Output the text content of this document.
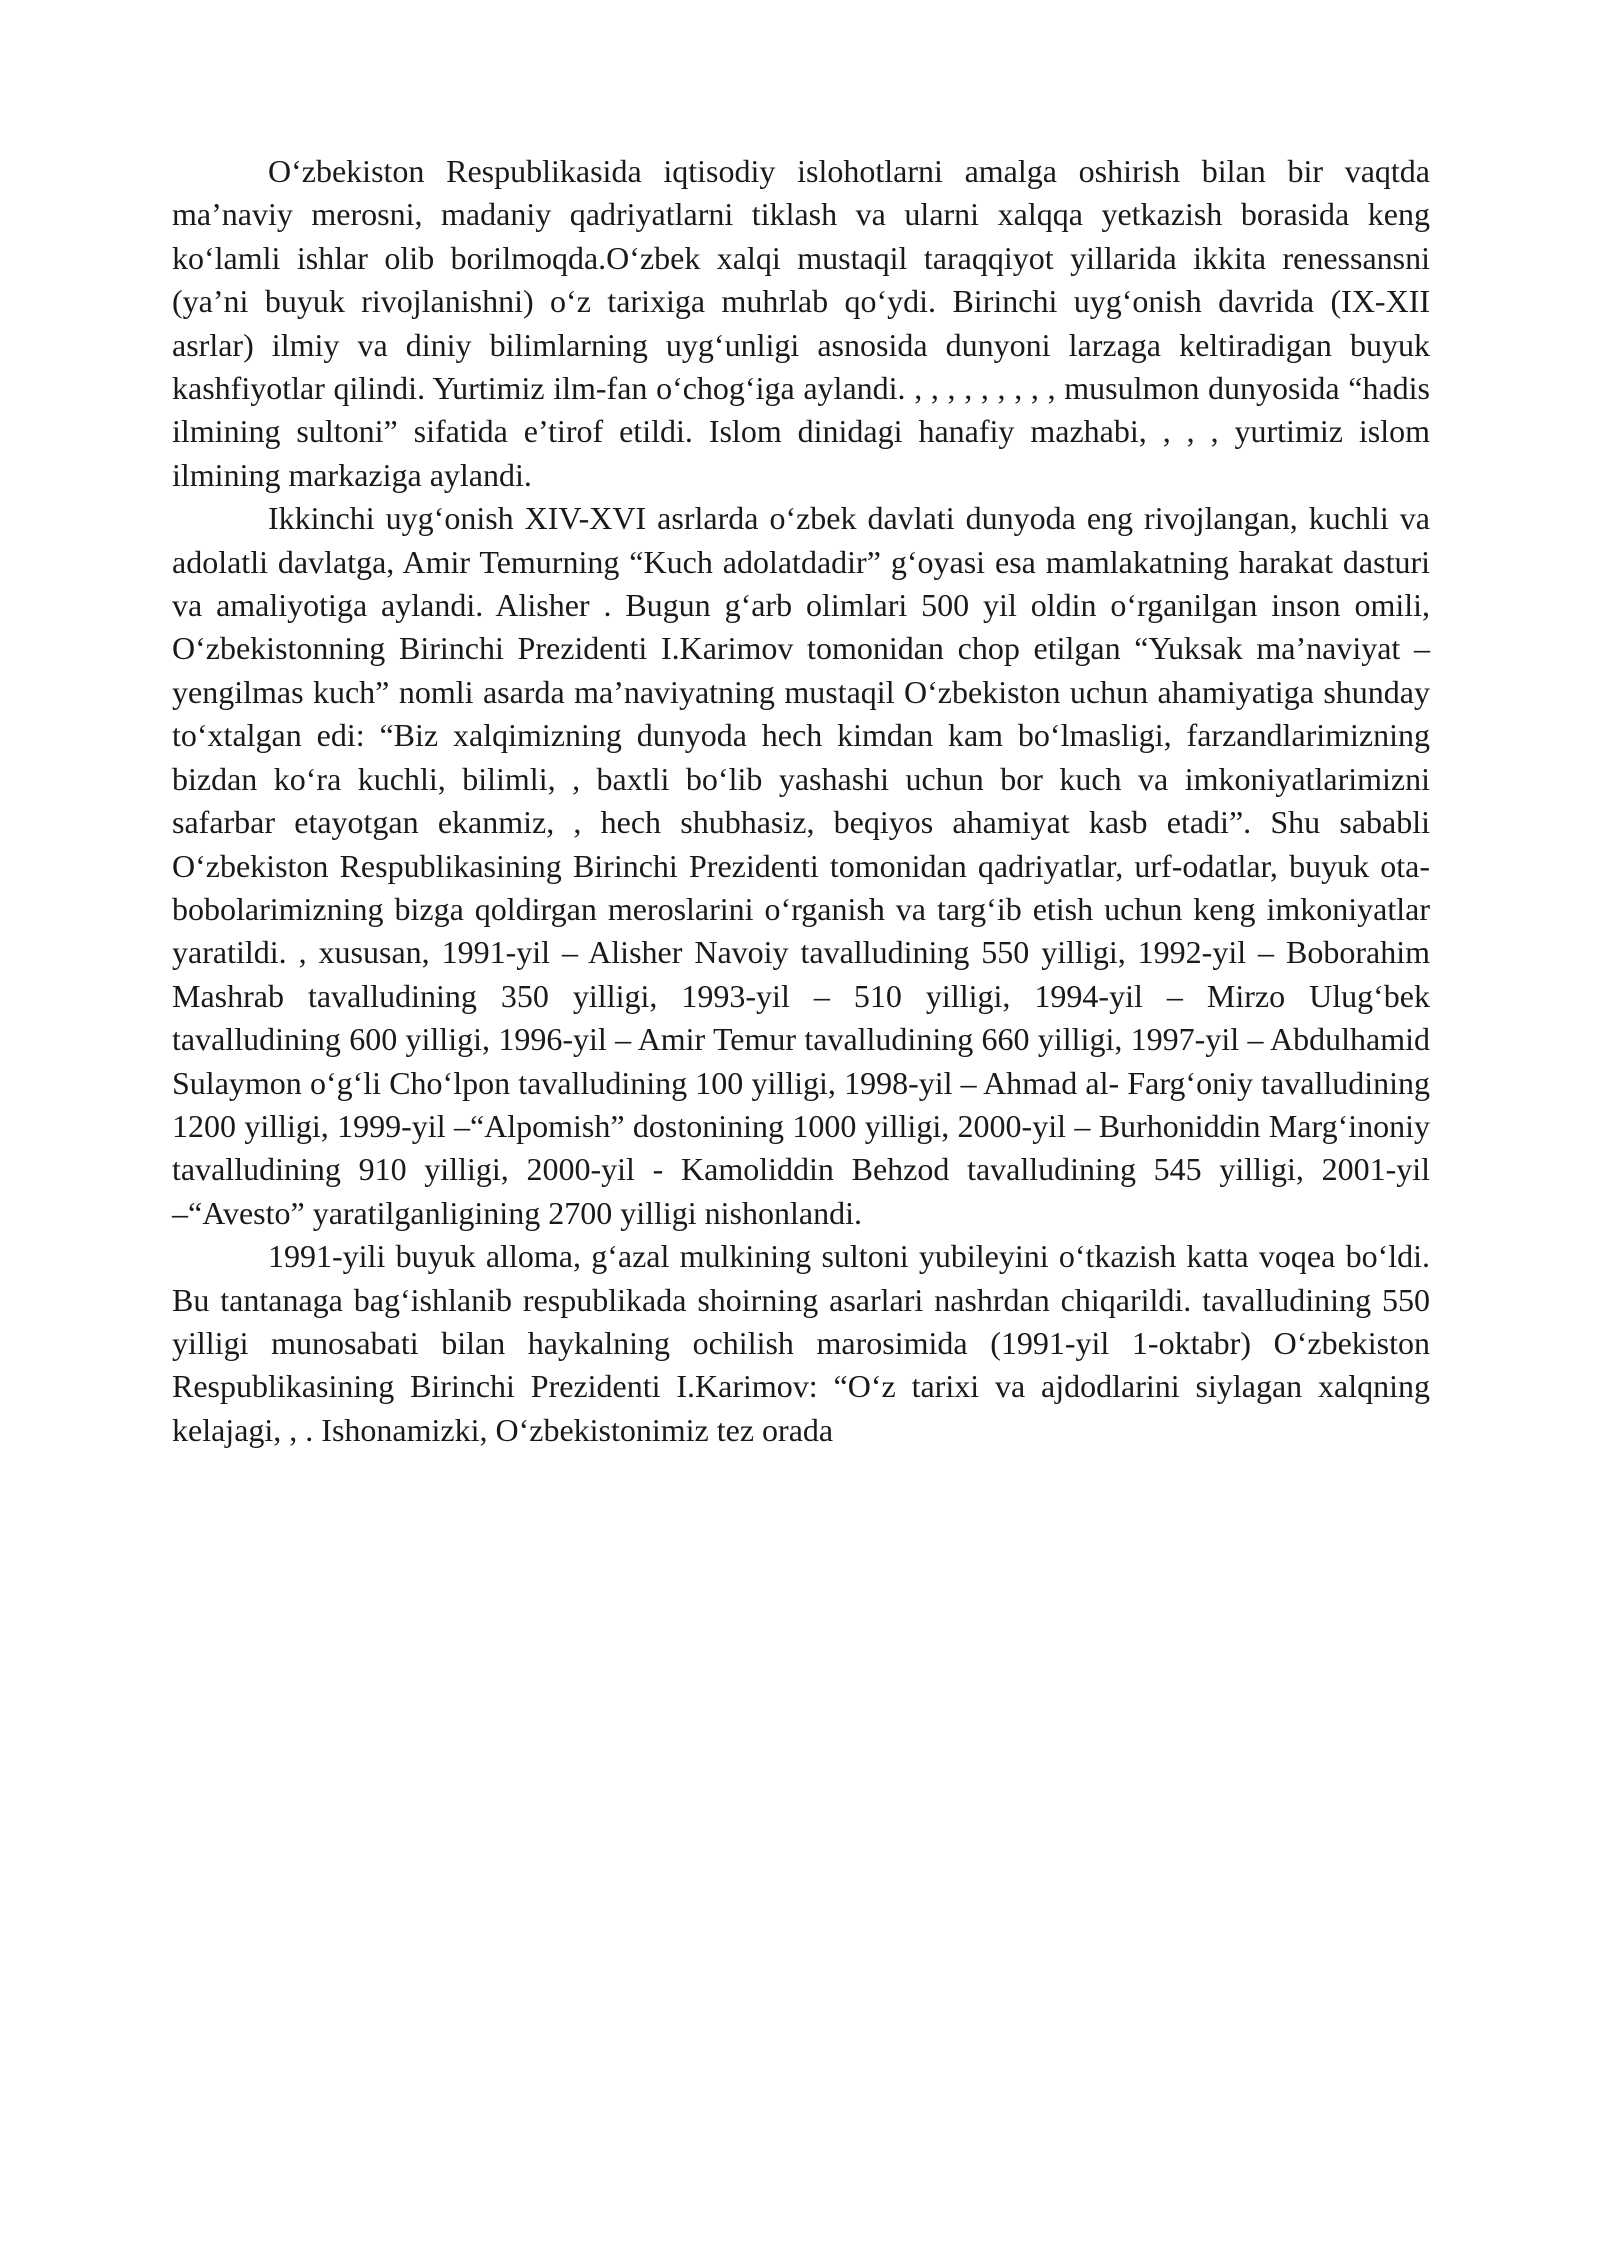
O‘zbekiston Respublikasida iqtisodiy islohotlarni amalga oshirish bilan bir vaqtda ma’naviy merosni, madaniy qadriyatlarni tiklash va ularni xalqqa yetkazish borasida keng ko‘lamli ishlar olib borilmoqda.O‘zbek xalqi mustaqil taraqqiyot yillarida ikkita renessansni (ya’ni buyuk rivojlanishni) o‘z tarixiga muhrlab qo‘ydi. Birinchi uyg‘onish davrida (IX-XII asrlar) ilmiy va diniy bilimlarning uyg‘unligi asnosida dunyoni larzaga keltiradigan buyuk kashfiyotlar qilindi. Yurtimiz ilm-fan o‘chog‘iga aylandi. , , , , , , , , , musulmon dunyosida “hadis ilmining sultoni” sifatida e’tirof etildi. Islom dinidagi hanafiy mazhabi, , , , yurtimiz islom ilmining markaziga aylandi.

Ikkinchi uyg‘onish XIV-XVI asrlarda o‘zbek davlati dunyoda eng rivojlangan, kuchli va adolatli davlatga, Amir Temurning “Kuch adolatdadir” g‘oyasi esa mamlakatning harakat dasturi va amaliyotiga aylandi. Alisher . Bugun g‘arb olimlari 500 yil oldin o‘rganilgan inson omili, O‘zbekistonning Birinchi Prezidenti I.Karimov tomonidan chop etilgan “Yuksak ma’naviyat – yengilmas kuch” nomli asarda ma’naviyatning mustaqil O‘zbekiston uchun ahamiyatiga shunday to‘xtalgan edi: “Biz xalqimizning dunyoda hech kimdan kam bo‘lmasligi, farzandlarimizning bizdan ko‘ra kuchli, bilimli, , baxtli bo‘lib yashashi uchun bor kuch va imkoniyatlarimizni safarbar etayotgan ekanmiz, , hech shubhasiz, beqiyos ahamiyat kasb etadi”. Shu sababli O‘zbekiston Respublikasining Birinchi Prezidenti tomonidan qadriyatlar, urf-odatlar, buyuk ota-bobolarimizning bizga qoldirgan meroslarini o‘rganish va targ‘ib etish uchun keng imkoniyatlar yaratildi. , xususan, 1991-yil – Alisher Navoiy tavalludining 550 yilligi, 1992-yil – Boborahim Mashrab tavalludining 350 yilligi, 1993-yil – 510 yilligi, 1994-yil – Mirzo Ulug‘bek tavalludining 600 yilligi, 1996-yil – Amir Temur tavalludining 660 yilligi, 1997-yil – Abdulhamid Sulaymon o‘g‘li Cho‘lpon tavalludining 100 yilligi, 1998-yil – Ahmad al- Farg‘oniy tavalludining 1200 yilligi, 1999-yil –“Alpomish” dostonining 1000 yilligi, 2000-yil – Burhoniddin Marg‘inoniy tavalludining 910 yilligi, 2000-yil - Kamoliddin Behzod tavalludining 545 yilligi, 2001-yil –“Avesto” yaratilganligining 2700 yilligi nishonlandi.

1991-yili buyuk alloma, g‘azal mulkining sultoni yubileyini o‘tkazish katta voqea bo‘ldi. Bu tantanaga bag‘ishlanib respublikada shoirning asarlari nashrdan chiqarildi. tavalludining 550 yilligi munosabati bilan haykalning ochilish marosimida (1991-yil 1-oktabr) O‘zbekiston Respublikasining Birinchi Prezidenti I.Karimov: “O‘z tarixi va ajdodlarini siylagan xalqning kelajagi, , . Ishonamizki, O‘zbekistonimiz tez orada
